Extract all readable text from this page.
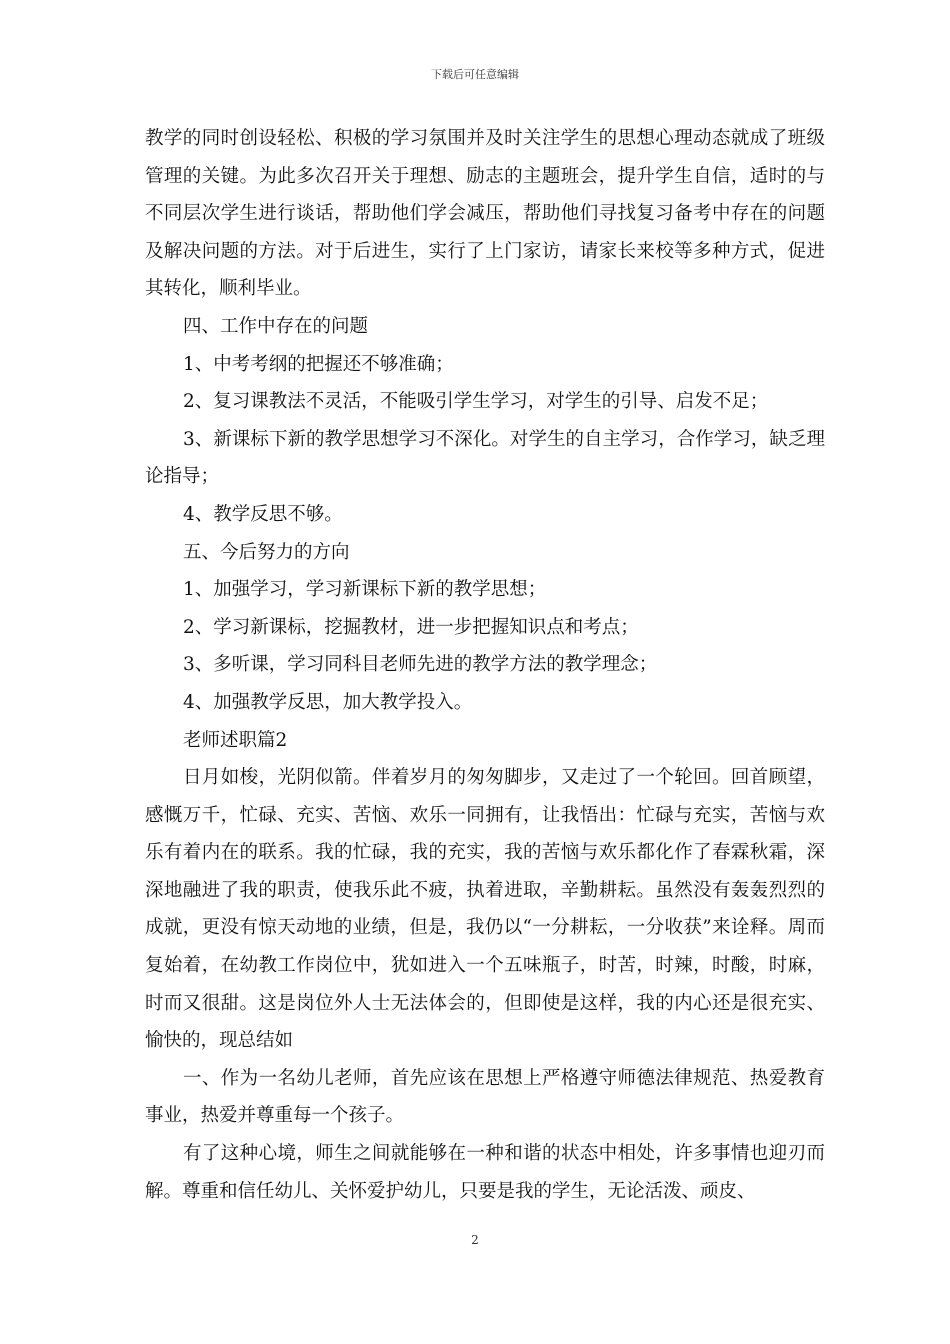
下载后可任意编辑

教学的同时创设轻松、积极的学习氛围并及时关注学生的思想心理动态就成了班级管理的关键。为此多次召开关于理想、励志的主题班会，提升学生自信，适时的与不同层次学生进行谈话，帮助他们学会减压，帮助他们寻找复习备考中存在的问题及解决问题的方法。对于后进生，实行了上门家访，请家长来校等多种方式，促进其转化，顺利毕业。

四、工作中存在的问题

1、中考考纲的把握还不够准确；

2、复习课教法不灵活，不能吸引学生学习，对学生的引导、启发不足；

3、新课标下新的教学思想学习不深化。对学生的自主学习，合作学习，缺乏理论指导；

4、教学反思不够。

五、今后努力的方向

1、加强学习，学习新课标下新的教学思想；

2、学习新课标，挖掘教材，进一步把握知识点和考点；

3、多听课，学习同科目老师先进的教学方法的教学理念；

4、加强教学反思，加大教学投入。

老师述职篇2

日月如梭，光阴似箭。伴着岁月的匆匆脚步，又走过了一个轮回。回首顾望，感慨万千，忙碌、充实、苦恼、欢乐一同拥有，让我悟出：忙碌与充实，苦恼与欢乐有着内在的联系。我的忙碌，我的充实，我的苦恼与欢乐都化作了春霖秋霜，深深地融进了我的职责，使我乐此不疲，执着进取，辛勤耕耘。虽然没有轰轰烈烈的成就，更没有惊天动地的业绩，但是，我仍以“一分耕耘，一分收获”来诠释。周而复始着，在幼教工作岗位中，犹如进入一个五味瓶子，时苦，时辣，时酸，时麻，时而又很甜。这是岗位外人士无法体会的，但即使是这样，我的内心还是很充实、愉快的，现总结如

一、作为一名幼儿老师，首先应该在思想上严格遵守师德法律规范、热爱教育事业，热爱并尊重每一个孩子。

有了这种心境，师生之间就能够在一种和谐的状态中相处，许多事情也迎刃而解。尊重和信任幼儿、关怀爱护幼儿，只要是我的学生，无论活泼、顽皮、

2
